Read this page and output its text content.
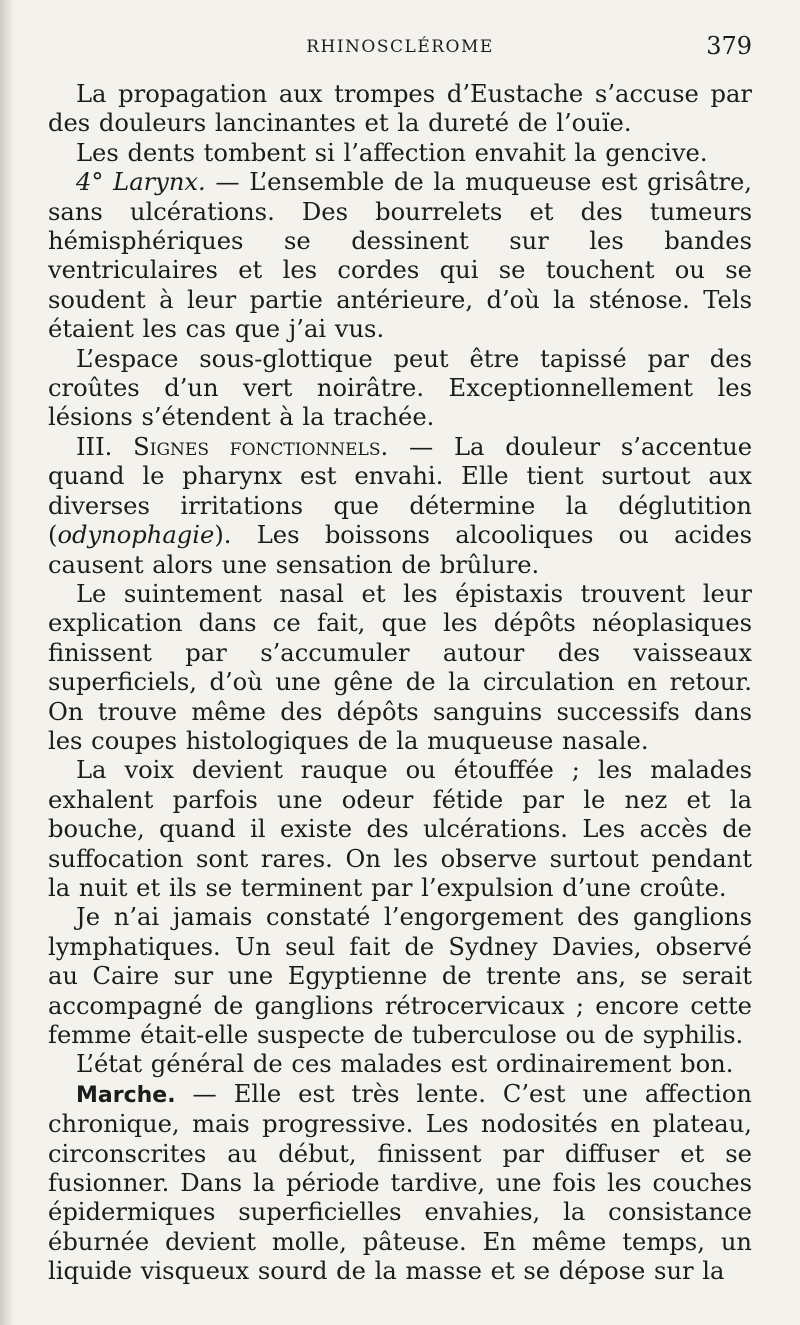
RHINOSCLÉROME	379

La propagation aux trompes d’Eustache s’accuse par des douleurs lancinantes et la dureté de l’ouïe.

Les dents tombent si l’affection envahit la gencive.

4° Larynx. — L’ensemble de la muqueuse est grisâtre, sans ulcérations. Des bourrelets et des tumeurs hémisphériques se dessinent sur les bandes ventriculaires et les cordes qui se touchent ou se soudent à leur partie antérieure, d’où la sténose. Tels étaient les cas que j’ai vus.

L’espace sous-glottique peut être tapissé par des croûtes d’un vert noirâtre. Exceptionnellement les lésions s’étendent à la trachée.

III. Signes fonctionnels. — La douleur s’accentue quand le pharynx est envahi. Elle tient surtout aux diverses irritations que détermine la déglutition (odynophagie). Les boissons alcooliques ou acides causent alors une sensation de brûlure.

Le suintement nasal et les épistaxis trouvent leur explication dans ce fait, que les dépôts néoplasiques finissent par s’accumuler autour des vaisseaux superficiels, d’où une gêne de la circulation en retour. On trouve même des dépôts sanguins successifs dans les coupes histologiques de la muqueuse nasale.

La voix devient rauque ou étouffée ; les malades exhalent parfois une odeur fétide par le nez et la bouche, quand il existe des ulcérations. Les accès de suffocation sont rares. On les observe surtout pendant la nuit et ils se terminent par l’expulsion d’une croûte.

Je n’ai jamais constaté l’engorgement des ganglions lymphatiques. Un seul fait de Sydney Davies, observé au Caire sur une Egyptienne de trente ans, se serait accompagné de ganglions rétrocervicaux ; encore cette femme était-elle suspecte de tuberculose ou de syphilis.

L’état général de ces malades est ordinairement bon.

Marche. — Elle est très lente. C’est une affection chronique, mais progressive. Les nodosités en plateau, circonscrites au début, finissent par diffuser et se fusionner. Dans la période tardive, une fois les couches épidermiques superficielles envahies, la consistance éburnée devient molle, pâteuse. En même temps, un liquide visqueux sourd de la masse et se dépose sur la
